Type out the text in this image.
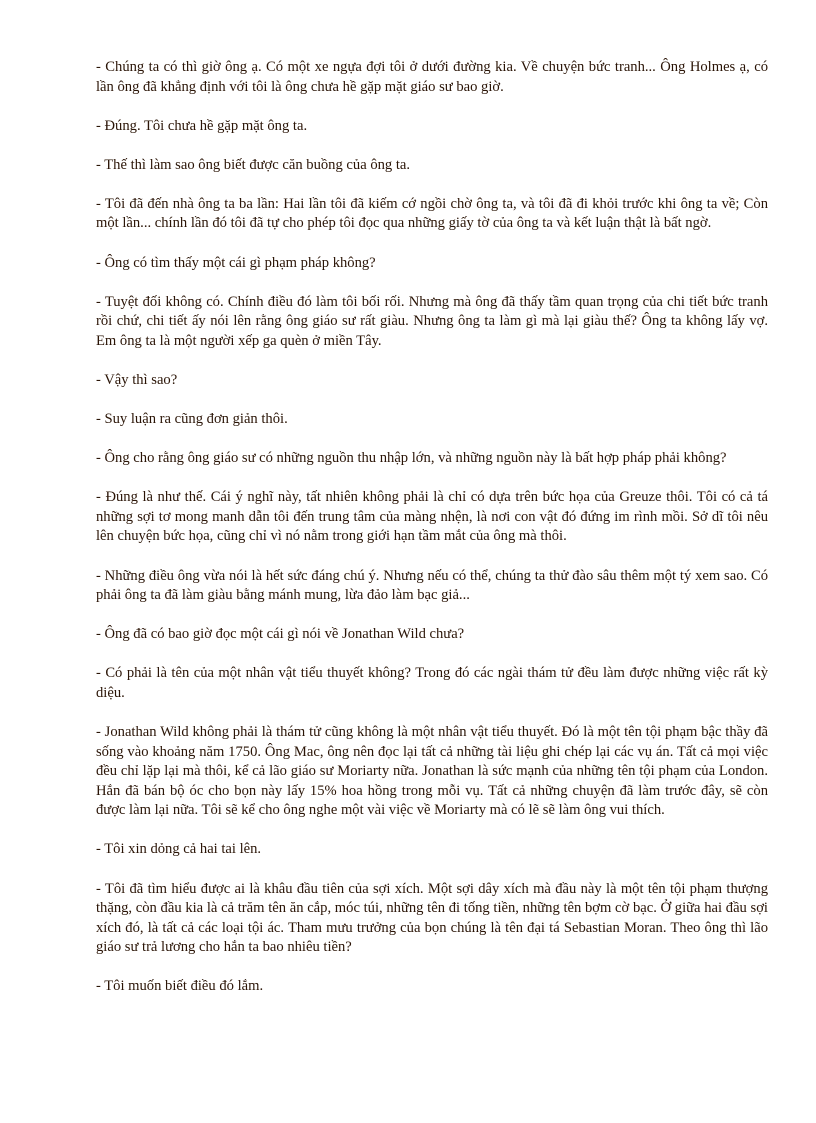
- Chúng ta có thì giờ ông ạ. Có một xe ngựa đợi tôi ở dưới đường kia. Về chuyện bức tranh... Ông Holmes ạ, có lần ông đã khẳng định với tôi là ông chưa hề gặp mặt giáo sư bao giờ.

- Đúng. Tôi chưa hề gặp mặt ông ta.

- Thế thì làm sao ông biết được căn buồng của ông ta.

- Tôi đã đến nhà ông ta ba lần: Hai lần tôi đã kiếm cớ ngồi chờ ông ta, và tôi đã đi khỏi trước khi ông ta về; Còn một lần... chính lần đó tôi đã tự cho phép tôi đọc qua những giấy tờ của ông ta và kết luận thật là bất ngờ.

- Ông có tìm thấy một cái gì phạm pháp không?

- Tuyệt đối không có. Chính điều đó làm tôi bối rối. Nhưng mà ông đã thấy tầm quan trọng của chi tiết bức tranh rồi chứ, chi tiết ấy nói lên rằng ông giáo sư rất giàu. Nhưng ông ta làm gì mà lại giàu thế? Ông ta không lấy vợ. Em ông ta là một người xếp ga quèn ở miền Tây.

- Vậy thì sao?

- Suy luận ra cũng đơn giản thôi.

- Ông cho rằng ông giáo sư có những nguồn thu nhập lớn, và những nguồn này là bất hợp pháp phải không?

- Đúng là như thế. Cái ý nghĩ này, tất nhiên không phải là chỉ có dựa trên bức họa của Greuze thôi. Tôi có cả tá những sợi tơ mong manh dẫn tôi đến trung tâm của màng nhện, là nơi con vật đó đứng im rình mồi. Sở dĩ tôi nêu lên chuyện bức họa, cũng chỉ vì nó nằm trong giới hạn tầm mắt của ông mà thôi.

- Những điều ông vừa nói là hết sức đáng chú ý. Nhưng nếu có thể, chúng ta thử đào sâu thêm một tý xem sao. Có phải ông ta đã làm giàu bằng mánh mung, lừa đảo làm bạc giả...

- Ông đã có bao giờ đọc một cái gì nói về Jonathan Wild chưa?

- Có phải là tên của một nhân vật tiểu thuyết không? Trong đó các ngài thám tử đều làm được những việc rất kỳ diệu.

- Jonathan Wild không phải là thám tử cũng không là một nhân vật tiểu thuyết. Đó là một tên tội phạm bậc thầy đã sống vào khoảng năm 1750. Ông Mac, ông nên đọc lại tất cả những tài liệu ghi chép lại các vụ án. Tất cả mọi việc đều chỉ lặp lại mà thôi, kể cả lão giáo sư Moriarty nữa. Jonathan là sức mạnh của những tên tội phạm của London. Hắn đã bán bộ óc cho bọn này lấy 15% hoa hồng trong mỗi vụ. Tất cả những chuyện đã làm trước đây, sẽ còn được làm lại nữa. Tôi sẽ kể cho ông nghe một vài việc về Moriarty mà có lẽ sẽ làm ông vui thích.

- Tôi xin dỏng cả hai tai lên.

- Tôi đã tìm hiểu được ai là khâu đầu tiên của sợi xích. Một sợi dây xích mà đầu này là một tên tội phạm thượng thặng, còn đầu kia là cả trăm tên ăn cắp, móc túi, những tên đi tống tiền, những tên bợm cờ bạc. Ở giữa hai đầu sợi xích đó, là tất cả các loại tội ác. Tham mưu trưởng của bọn chúng là tên đại tá Sebastian Moran. Theo ông thì lão giáo sư trả lương cho hắn ta bao nhiêu tiền?

- Tôi muốn biết điều đó lắm.
